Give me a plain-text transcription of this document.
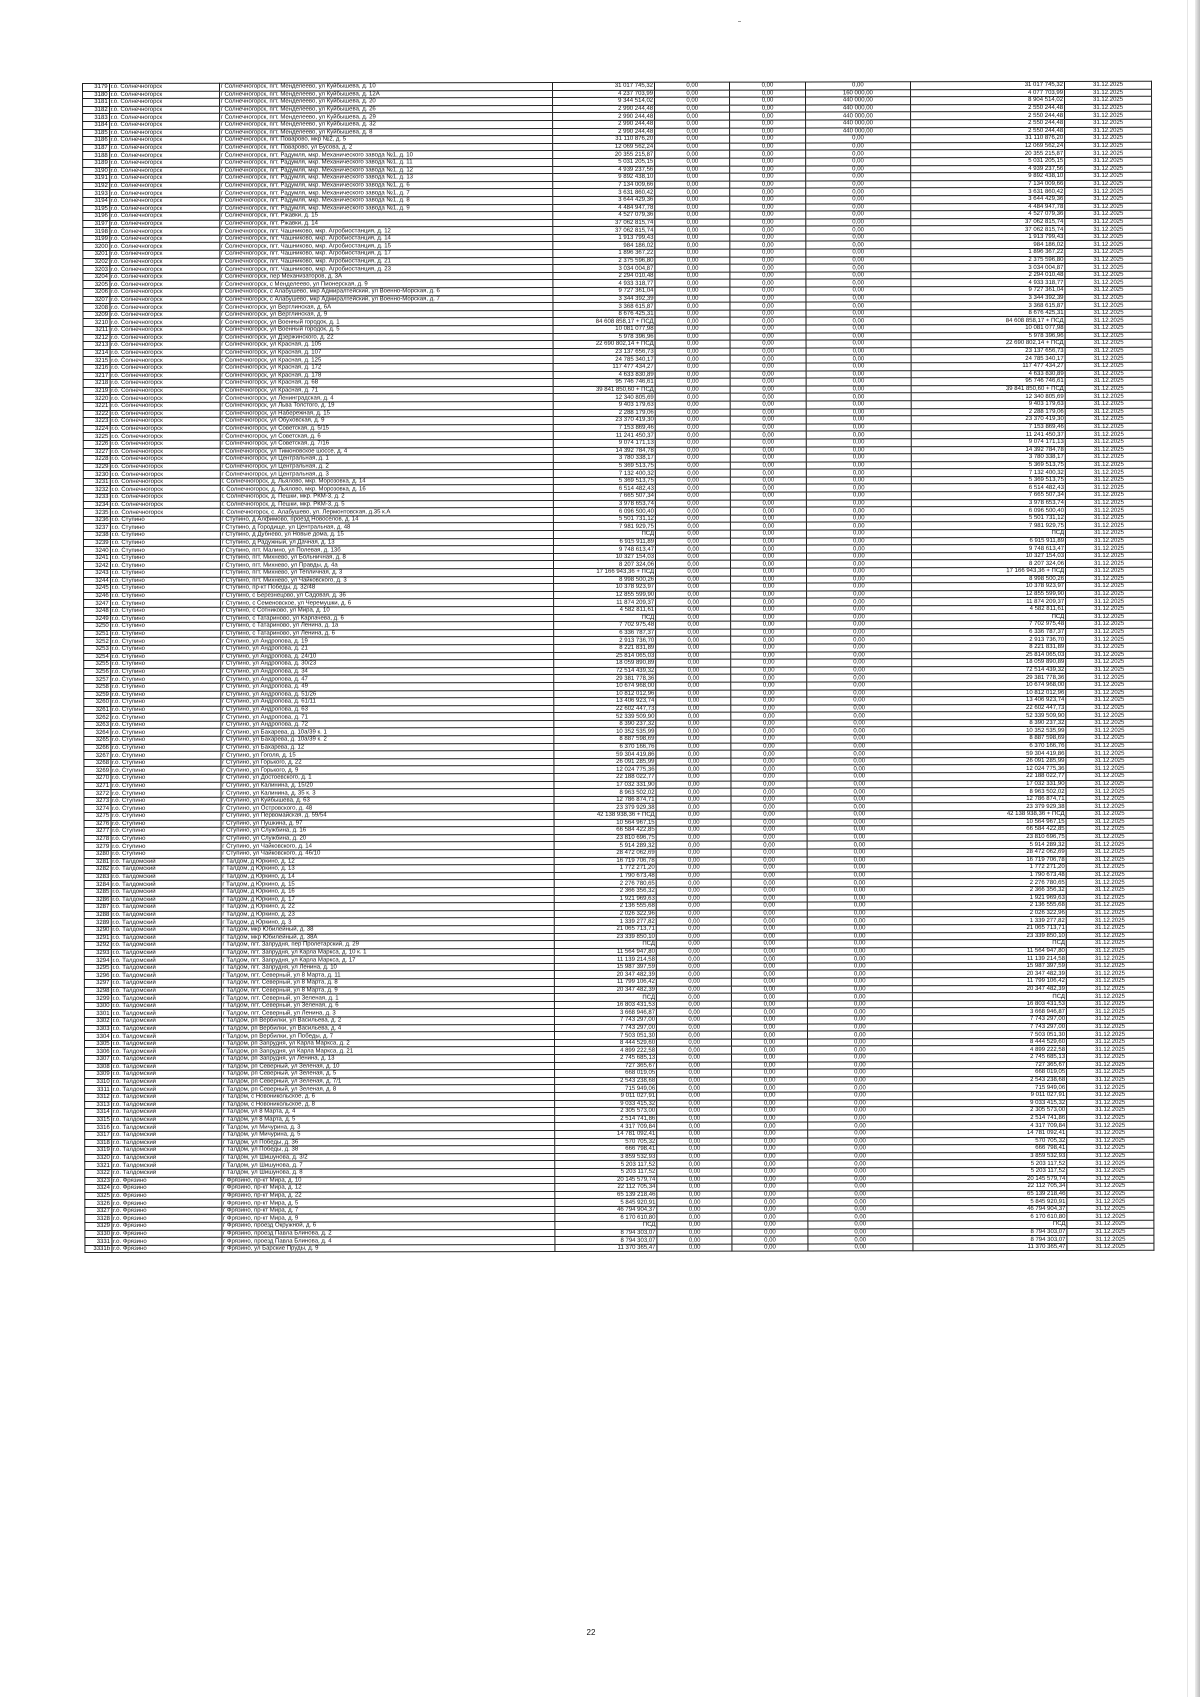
3179	г.о. Солнечногорск	г Солнечногорск, пгт. Менделеево, ул Куйбышева, д. 10	31 017 745,32	0,00	0,00	0,00	31 017 745,32	31.12.2025
3180	г.о. Солнечногорск	г Солнечногорск, пгт. Менделеево, ул Куйбышева, д. 12А	4 237 703,99	0,00	0,00	160 000,00	4 077 703,99	31.12.2025
3181	г.о. Солнечногорск	г Солнечногорск, пгт. Менделеево, ул Куйбышева, д. 20	9 344 514,02	0,00	0,00	440 000,00	8 904 514,02	31.12.2025
3182	г.о. Солнечногорск	г Солнечногорск, пгт. Менделеево, ул Куйбышева, д. 26	2 990 244,48	0,00	0,00	440 000,00	2 550 244,48	31.12.2025
3183	г.о. Солнечногорск	г Солнечногорск, пгт. Менделеево, ул Куйбышева, д. 29	2 990 244,48	0,00	0,00	440 000,00	2 550 244,48	31.12.2025
3184	г.о. Солнечногорск	г Солнечногорск, пгт. Менделеево, ул Куйбышева, д. 32	2 990 244,48	0,00	0,00	440 000,00	2 550 244,48	31.12.2025
3185	г.о. Солнечногорск	г Солнечногорск, пгт. Менделеево, ул Куйбышева, д. 8	2 990 244,48	0,00	0,00	440 000,00	2 550 244,48	31.12.2025
3186	г.о. Солнечногорск	г Солнечногорск, пгт. Поварово, мкр №2, д. 5	31 110 876,20	0,00	0,00	0,00	31 110 876,20	31.12.2025
3187	г.о. Солнечногорск	г Солнечногорск, пгт. Поварово, ул Бусова, д. 2	12 069 562,24	0,00	0,00	0,00	12 069 562,24	31.12.2025
3188	г.о. Солнечногорск	г Солнечногорск, пгт. Радумля, мкр. Механического завода №1, д. 10	20 355 215,87	0,00	0,00	0,00	20 355 215,87	31.12.2025
3189	г.о. Солнечногорск	г Солнечногорск, пгт. Радумля, мкр. Механического завода №1, д. 11	5 031 205,15	0,00	0,00	0,00	5 031 205,15	31.12.2025
3190	г.о. Солнечногорск	г Солнечногорск, пгт. Радумля, мкр. Механического завода №1, д. 12	4 939 237,56	0,00	0,00	0,00	4 939 237,56	31.12.2025
3191	г.о. Солнечногорск	г Солнечногорск, пгт. Радумля, мкр. Механического завода №1, д. 13	9 892 438,10	0,00	0,00	0,00	9 892 438,10	31.12.2025
3192	г.о. Солнечногорск	г Солнечногорск, пгт. Радумля, мкр. Механического завода №1, д. 6	7 134 009,66	0,00	0,00	0,00	7 134 009,66	31.12.2025
3193	г.о. Солнечногорск	г Солнечногорск, пгт. Радумля, мкр. Механического завода №1, д. 7	3 631 860,42	0,00	0,00	0,00	3 631 860,42	31.12.2025
3194	г.о. Солнечногорск	г Солнечногорск, пгт. Радумля, мкр. Механического завода №1, д. 8	3 644 429,36	0,00	0,00	0,00	3 644 429,36	31.12.2025
3195	г.о. Солнечногорск	г Солнечногорск, пгт. Радумля, мкр. Механического завода №1, д. 9	4 484 947,78	0,00	0,00	0,00	4 484 947,78	31.12.2025
3196	г.о. Солнечногорск	г Солнечногорск, пгт. Ржавки, д. 15	4 527 079,36	0,00	0,00	0,00	4 527 079,36	31.12.2025
3197	г.о. Солнечногорск	г Солнечногорск, пгт. Ржавки, д. 14	37 062 815,74	0,00	0,00	0,00	37 062 815,74	31.12.2025
3198	г.о. Солнечногорск	г Солнечногорск, пгт. Чашниково, мкр. Агробиостанция, д. 12	37 062 815,74	0,00	0,00	0,00	37 062 815,74	31.12.2025
3199	г.о. Солнечногорск	г Солнечногорск, пгт. Чашниково, мкр. Агробиостанция, д. 14	1 913 799,43	0,00	0,00	0,00	1 913 799,43	31.12.2025
3200	г.о. Солнечногорск	г Солнечногорск, пгт. Чашниково, мкр. Агробиостанция, д. 15	984 186,02	0,00	0,00	0,00	984 186,02	31.12.2025
3201	г.о. Солнечногорск	г Солнечногорск, пгт. Чашниково, мкр. Агробиостанция, д. 17	1 896 367,22	0,00	0,00	0,00	1 896 367,22	31.12.2025
3202	г.о. Солнечногорск	г Солнечногорск, пгт. Чашниково, мкр. Агробиостанция, д. 21	2 375 596,80	0,00	0,00	0,00	2 375 596,80	31.12.2025
3203	г.о. Солнечногорск	г Солнечногорск, пгт. Чашниково, мкр. Агробиостанция, д. 23	3 034 004,87	0,00	0,00	0,00	3 034 004,87	31.12.2025
3204	г.о. Солнечногорск	г Солнечногорск, пер Механизаторов, д. 3А	2 294 010,48	0,00	0,00	0,00	2 294 010,48	31.12.2025
3205	г.о. Солнечногорск	г Солнечногорск, с Менделеево, ул Пионерская, д. 9	4 933 318,77	0,00	0,00	0,00	4 933 318,77	31.12.2025
3206	г.о. Солнечногорск	г Солнечногорск, с Алабушево, мкр Адмиралтейский, ул Военно-Морская, д. 6	9 727 361,04	0,00	0,00	0,00	9 727 361,04	31.12.2025
3207	г.о. Солнечногорск	г Солнечногорск, с Алабушево, мкр Адмиралтейский, ул Военно-Морская, д. 7	3 344 392,39	0,00	0,00	0,00	3 344 392,39	31.12.2025
3208	г.о. Солнечногорск	г Солнечногорск, ул Вертлинская, д. 6А	3 368 615,87	0,00	0,00	0,00	3 368 615,87	31.12.2025
3209	г.о. Солнечногорск	г Солнечногорск, ул Вертлинская, д. 9	8 676 425,31	0,00	0,00	0,00	8 676 425,31	31.12.2025
3210	г.о. Солнечногорск	г Солнечногорск, ул Военный городок, д. 1	84 608 858,17 + ПСД	0,00	0,00	0,00	84 608 858,17 + ПСД	31.12.2025
3211	г.о. Солнечногорск	г Солнечногорск, ул Военный городок, д. 5	10 081 077,98	0,00	0,00	0,00	10 081 077,98	31.12.2025
3212	г.о. Солнечногорск	г Солнечногорск, ул Дзержинского, д. 22	5 978 396,96	0,00	0,00	0,00	5 978 396,96	31.12.2025
3213	г.о. Солнечногорск	г Солнечногорск, ул Красная, д. 105	22 690 802,14 + ПСД	0,00	0,00	0,00	22 690 802,14 + ПСД	31.12.2025
3214	г.о. Солнечногорск	г Солнечногорск, ул Красная, д. 107	23 137 656,73	0,00	0,00	0,00	23 137 656,73	31.12.2025
3215	г.о. Солнечногорск	г Солнечногорск, ул Красная, д. 125	24 785 340,17	0,00	0,00	0,00	24 785 340,17	31.12.2025
3216	г.о. Солнечногорск	г Солнечногорск, ул Красная, д. 172	117 477 434,27	0,00	0,00	0,00	117 477 434,27	31.12.2025
3217	г.о. Солнечногорск	г Солнечногорск, ул Красная, д. 178	4 633 830,89	0,00	0,00	0,00	4 633 830,89	31.12.2025
3218	г.о. Солнечногорск	г Солнечногорск, ул Красная, д. 68	95 746 746,61	0,00	0,00	0,00	95 746 746,61	31.12.2025
3219	г.о. Солнечногорск	г Солнечногорск, ул Красная, д. 71	39 841 850,60 + ПСД	0,00	0,00	0,00	39 841 850,60 + ПСД	31.12.2025
3220	г.о. Солнечногорск	г Солнечногорск, ул Ленинградская, д. 4	12 340 805,69	0,00	0,00	0,00	12 340 805,69	31.12.2025
3221	г.о. Солнечногорск	г Солнечногорск, ул Льва Толстого, д. 19	9 403 179,63	0,00	0,00	0,00	9 403 179,63	31.12.2025
3222	г.о. Солнечногорск	г Солнечногорск, ул Набережная, д. 15	2 288 179,06	0,00	0,00	0,00	2 288 179,06	31.12.2025
3223	г.о. Солнечногорск	г Солнечногорск, ул Обуховская, д. 9	23 370 419,30	0,00	0,00	0,00	23 370 419,30	31.12.2025
3224	г.о. Солнечногорск	г Солнечногорск, ул Советская, д. 5/15	7 153 869,46	0,00	0,00	0,00	7 153 869,46	31.12.2025
3225	г.о. Солнечногорск	г Солнечногорск, ул Советская, д. 6	11 241 450,37	0,00	0,00	0,00	11 241 450,37	31.12.2025
3226	г.о. Солнечногорск	г Солнечногорск, ул Советская, д. 7/16	9 074 171,13	0,00	0,00	0,00	9 074 171,13	31.12.2025
3227	г.о. Солнечногорск	г Солнечногорск, ул Тимоновское шоссе, д. 4	14 392 784,78	0,00	0,00	0,00	14 392 784,78	31.12.2025
3228	г.о. Солнечногорск	г Солнечногорск, ул Центральная, д. 1	3 780 338,17	0,00	0,00	0,00	3 780 338,17	31.12.2025
3229	г.о. Солнечногорск	г Солнечногорск, ул Центральная, д. 2	5 369 513,75	0,00	0,00	0,00	5 369 513,75	31.12.2025
3230	г.о. Солнечногорск	г Солнечногорск, ул Центральная, д. 3	7 132 400,32	0,00	0,00	0,00	7 132 400,32	31.12.2025
3231	г.о. Солнечногорск	г. Солнечногорск, д. Льялово, мкр. Морозовка, д. 14	5 369 513,75	0,00	0,00	0,00	5 369 513,75	31.12.2025
3232	г.о. Солнечногорск	г. Солнечногорск, д. Льялово, мкр. Морозовка, д. 16	6 514 482,43	0,00	0,00	0,00	6 514 482,43	31.12.2025
3233	г.о. Солнечногорск	г. Солнечногорск, д. Пешки, мкр. РКМ-3, д. 2	7 665 507,34	0,00	0,00	0,00	7 665 507,34	31.12.2025
3234	г.о. Солнечногорск	г. Солнечногорск, д. Пешки, мкр. РКМ-3, д. 5	3 978 653,74	0,00	0,00	0,00	3 978 653,74	31.12.2025
3235	г.о. Солнечногорск	г. Солнечногорск, с. Алабушево, ул. Лермонтовская, д.35 к.А	6 096 500,40	0,00	0,00	0,00	6 096 500,40	31.12.2025
3236	г.о. Ступино	г Ступино, д Алфимово, проезд Новоселов, д. 14	5 501 731,12	0,00	0,00	0,00	5 501 731,12	31.12.2025
3237	г.о. Ступино	г Ступино, д Городище, ул Центральная, д. 48	7 981 929,75	0,00	0,00	0,00	7 981 929,75	31.12.2025
3238	г.о. Ступино	г Ступино, д Дубнево, ул Новые дома, д. 15	ПСД	0,00	0,00	0,00	ПСД	31.12.2025
3239	г.о. Ступино	г Ступино, д Радужный, ул Дачная, д. 13	6 915 911,89	0,00	0,00	0,00	6 915 911,89	31.12.2025
3240	г.о. Ступино	г Ступино, пгт. Малино, ул Полевая, д. 13б	9 748 613,47	0,00	0,00	0,00	9 748 613,47	31.12.2025
3241	г.о. Ступино	г Ступино, пгт. Михнево, ул Больничная, д. 8	10 327 154,03	0,00	0,00	0,00	10 327 154,03	31.12.2025
3242	г.о. Ступино	г Ступино, пгт. Михнево, ул Правды, д. 4а	8 207 324,06	0,00	0,00	0,00	8 207 324,06	31.12.2025
3243	г.о. Ступино	г Ступино, пгт. Михнево, ул Тепличная, д. 3	17 166 943,36 + ПСД	0,00	0,00	0,00	17 166 943,36 + ПСД	31.12.2025
3244	г.о. Ступино	г Ступино, пгт. Михнево, ул Чайковского, д. 3	8 998 500,26	0,00	0,00	0,00	8 998 500,26	31.12.2025
3245	г.о. Ступино	г Ступино, пр-кт Победы, д. 32/48	10 378 923,97	0,00	0,00	0,00	10 378 923,97	31.12.2025
3246	г.о. Ступино	г Ступино, с Березнецово, ул Садовая, д. 36	12 855 599,90	0,00	0,00	0,00	12 855 599,90	31.12.2025
3247	г.о. Ступино	г Ступино, с Семеновское, ул Черемушки, д. 6	11 874 209,37	0,00	0,00	0,00	11 874 209,37	31.12.2025
3248	г.о. Ступино	г Ступино, с Сотниково, ул Мира, д. 10	4 582 811,61	0,00	0,00	0,00	4 582 811,61	31.12.2025
3249	г.о. Ступино	г Ступино, с Татариново, ул Карпачева, д. 6	ПСД	0,00	0,00	0,00	ПСД	31.12.2025
3250	г.о. Ступино	г Ступино, с Татариново, ул Ленина, д. 1а	7 702 975,48	0,00	0,00	0,00	7 702 975,48	31.12.2025
3251	г.о. Ступино	г Ступино, с Татариново, ул Ленина, д. 6	6 336 787,37	0,00	0,00	0,00	6 336 787,37	31.12.2025
3252	г.о. Ступино	г Ступино, ул Андропова, д. 19	2 913 736,70	0,00	0,00	0,00	2 913 736,70	31.12.2025
3253	г.о. Ступино	г Ступино, ул Андропова, д. 21	8 221 831,89	0,00	0,00	0,00	8 221 831,89	31.12.2025
3254	г.о. Ступино	г Ступино, ул Андропова, д. 24/10	25 814 065,03	0,00	0,00	0,00	25 814 065,03	31.12.2025
3255	г.о. Ступино	г Ступино, ул Андропова, д. 30/23	18 059 890,89	0,00	0,00	0,00	18 059 890,89	31.12.2025
3256	г.о. Ступино	г Ступино, ул Андропова, д. 34	72 514 439,32	0,00	0,00	0,00	72 514 439,32	31.12.2025
3257	г.о. Ступино	г Ступино, ул Андропова, д. 47	29 381 778,36	0,00	0,00	0,00	29 381 778,36	31.12.2025
3258	г.о. Ступино	г Ступино, ул Андропова, д. 49	10 674 968,00	0,00	0,00	0,00	10 674 968,00	31.12.2025
3259	г.о. Ступино	г Ступино, ул Андропова, д. 51/26	10 812 012,96	0,00	0,00	0,00	10 812 012,96	31.12.2025
3260	г.о. Ступино	г Ступино, ул Андропова, д. 61/11	13 406 923,74	0,00	0,00	0,00	13 406 923,74	31.12.2025
3261	г.о. Ступино	г Ступино, ул Андропова, д. 63	22 602 447,73	0,00	0,00	0,00	22 602 447,73	31.12.2025
3262	г.о. Ступино	г Ступино, ул Андропова, д. 71	52 339 509,90	0,00	0,00	0,00	52 339 509,90	31.12.2025
3263	г.о. Ступино	г Ступино, ул Андропова, д. 72	8 390 237,32	0,00	0,00	0,00	8 390 237,32	31.12.2025
3264	г.о. Ступино	г Ступино, ул Бахарева, д. 10а/39 к. 1	10 352 535,99	0,00	0,00	0,00	10 352 535,99	31.12.2025
3265	г.о. Ступино	г Ступино, ул Бахарева, д. 10а/39 к. 2	8 887 598,69	0,00	0,00	0,00	8 887 598,69	31.12.2025
3266	г.о. Ступино	г Ступино, ул Бахарева, д. 12	6 370 166,76	0,00	0,00	0,00	6 370 166,76	31.12.2025
3267	г.о. Ступино	г Ступино, ул Гоголя, д. 15	59 304 419,86	0,00	0,00	0,00	59 304 419,86	31.12.2025
3268	г.о. Ступино	г Ступино, ул Горького, д. 22	26 091 285,99	0,00	0,00	0,00	26 091 285,99	31.12.2025
3269	г.о. Ступино	г Ступино, ул Горького, д. 9	12 024 775,36	0,00	0,00	0,00	12 024 775,36	31.12.2025
3270	г.о. Ступино	г Ступино, ул Достоевского, д. 1	22 188 022,77	0,00	0,00	0,00	22 188 022,77	31.12.2025
3271	г.о. Ступино	г Ступино, ул Калинина, д. 15/20	17 032 331,90	0,00	0,00	0,00	17 032 331,90	31.12.2025
3272	г.о. Ступино	г Ступино, ул Калинина, д. 35 к. 3	8 963 502,02	0,00	0,00	0,00	8 963 502,02	31.12.2025
3273	г.о. Ступино	г Ступино, ул Куйбышева, д. 63	12 786 874,71	0,00	0,00	0,00	12 786 874,71	31.12.2025
3274	г.о. Ступино	г Ступино, ул Островского, д. 48	23 379 929,38	0,00	0,00	0,00	23 379 929,38	31.12.2025
3275	г.о. Ступино	г Ступино, ул Первомайская, д. 59/54	42 138 938,36 + ПСД	0,00	0,00	0,00	42 138 938,36 + ПСД	31.12.2025
3276	г.о. Ступино	г Ступино, ул Пушкина, д. 97	10 564 967,15	0,00	0,00	0,00	10 564 967,15	31.12.2025
3277	г.о. Ступино	г Ступино, ул Службина, д. 16	66 584 422,85	0,00	0,00	0,00	66 584 422,85	31.12.2025
3278	г.о. Ступино	г Ступино, ул Службина, д. 20	23 810 696,75	0,00	0,00	0,00	23 810 696,75	31.12.2025
3279	г.о. Ступино	г Ступино, ул Чайковского, д. 14	5 914 289,32	0,00	0,00	0,00	5 914 289,32	31.12.2025
3280	г.о. Ступино	г Ступино, ул Чайковского, д. 46/10	28 472 062,69	0,00	0,00	0,00	28 472 062,69	31.12.2025
3281	г.о. Талдомский	г Талдом, д Юркино, д. 12	16 719 706,78	0,00	0,00	0,00	16 719 706,78	31.12.2025
3282	г.о. Талдомский	г Талдом, д Юркино, д. 13	1 772 271,20	0,00	0,00	0,00	1 772 271,20	31.12.2025
3283	г.о. Талдомский	г Талдом, д Юркино, д. 14	1 790 673,48	0,00	0,00	0,00	1 790 673,48	31.12.2025
3284	г.о. Талдомский	г Талдом, д Юркино, д. 15	2 276 780,65	0,00	0,00	0,00	2 276 780,65	31.12.2025
3285	г.о. Талдомский	г Талдом, д Юркино, д. 16	2 366 356,32	0,00	0,00	0,00	2 366 356,32	31.12.2025
3286	г.о. Талдомский	г Талдом, д Юркино, д. 17	1 921 969,63	0,00	0,00	0,00	1 921 969,63	31.12.2025
3287	г.о. Талдомский	г Талдом, д Юркино, д. 22	2 136 555,68	0,00	0,00	0,00	2 136 555,68	31.12.2025
3288	г.о. Талдомский	г Талдом, д Юркино, д. 23	2 026 322,96	0,00	0,00	0,00	2 026 322,96	31.12.2025
3289	г.о. Талдомский	г Талдом, д Юркино, д. 3	1 339 277,82	0,00	0,00	0,00	1 339 277,82	31.12.2025
3290	г.о. Талдомский	г Талдом, мкр Юбилейный, д. 38	21 065 713,71	0,00	0,00	0,00	21 065 713,71	31.12.2025
3291	г.о. Талдомский	г Талдом, мкр Юбилейный, д. 38А	23 339 850,10	0,00	0,00	0,00	23 339 850,10	31.12.2025
3292	г.о. Талдомский	г Талдом, пгт. Запрудня, пер Пролетарский, д. 29	ПСД	0,00	0,00	0,00	ПСД	31.12.2025
3293	г.о. Талдомский	г Талдом, пгт. Запрудня, ул Карла Маркса, д. 10 к. 1	11 564 947,80	0,00	0,00	0,00	11 564 947,80	31.12.2025
3294	г.о. Талдомский	г Талдом, пгт. Запрудня, ул Карла Маркса, д. 17	11 139 214,58	0,00	0,00	0,00	11 139 214,58	31.12.2025
3295	г.о. Талдомский	г Талдом, пгт. Запрудня, ул Ленина, д. 10	15 987 397,59	0,00	0,00	0,00	15 987 397,59	31.12.2025
3296	г.о. Талдомский	г Талдом, пгт. Северный, ул 8 Марта, д. 11	20 347 482,39	0,00	0,00	0,00	20 347 482,39	31.12.2025
3297	г.о. Талдомский	г Талдом, пгт. Северный, ул 8 Марта, д. 8	11 799 106,42	0,00	0,00	0,00	11 799 106,42	31.12.2025
3298	г.о. Талдомский	г Талдом, пгт. Северный, ул 8 Марта, д. 9	20 347 482,39	0,00	0,00	0,00	20 347 482,39	31.12.2025
3299	г.о. Талдомский	г Талдом, пгт. Северный, ул Зеленая, д. 1	ПСД	0,00	0,00	0,00	ПСД	31.12.2025
3300	г.о. Талдомский	г Талдом, пгт. Северный, ул Зеленая, д. 6	16 803 431,53	0,00	0,00	0,00	16 803 431,53	31.12.2025
3301	г.о. Талдомский	г Талдом, пгт. Северный, ул Ленина, д. 3	3 668 946,87	0,00	0,00	0,00	3 668 946,87	31.12.2025
3302	г.о. Талдомский	г Талдом, рп Вербилки, ул Васильева, д. 2	7 743 297,00	0,00	0,00	0,00	7 743 297,00	31.12.2025
3303	г.о. Талдомский	г Талдом, рп Вербилки, ул Васильева, д. 4	7 743 297,00	0,00	0,00	0,00	7 743 297,00	31.12.2025
3304	г.о. Талдомский	г Талдом, рп Вербилки, ул Победы, д. 7	7 503 051,30	0,00	0,00	0,00	7 503 051,30	31.12.2025
3305	г.о. Талдомский	г Талдом, рп Запрудня, ул Карла Маркса, д. 2	8 444 529,60	0,00	0,00	0,00	8 444 529,60	31.12.2025
3306	г.о. Талдомский	г Талдом, рп Запрудня, ул Карла Маркса, д. 21	4 899 222,58	0,00	0,00	0,00	4 899 222,58	31.12.2025
3307	г.о. Талдомский	г Талдом, рп Запрудня, ул Ленина, д. 13	2 745 685,13	0,00	0,00	0,00	2 745 685,13	31.12.2025
3308	г.о. Талдомский	г Талдом, рп Северный, ул Зеленая, д. 10	727 365,67	0,00	0,00	0,00	727 365,67	31.12.2025
3309	г.о. Талдомский	г Талдом, рп Северный, ул Зеленая, д. 5	668 019,05	0,00	0,00	0,00	668 019,05	31.12.2025
3310	г.о. Талдомский	г Талдом, рп Северный, ул Зеленая, д. 7/1	2 543 238,68	0,00	0,00	0,00	2 543 238,68	31.12.2025
3311	г.о. Талдомский	г Талдом, рп Северный, ул Зеленая, д. 8	715 949,06	0,00	0,00	0,00	715 949,06	31.12.2025
3312	г.о. Талдомский	г Талдом, с Новоникольское, д. 6	9 011 027,91	0,00	0,00	0,00	9 011 027,91	31.12.2025
3313	г.о. Талдомский	г Талдом, с Новоникольское, д. 8	9 033 415,32	0,00	0,00	0,00	9 033 415,32	31.12.2025
3314	г.о. Талдомский	г Талдом, ул 8 Марта, д. 4	2 305 573,00	0,00	0,00	0,00	2 305 573,00	31.12.2025
3315	г.о. Талдомский	г Талдом, ул 8 Марта, д. 5	2 514 741,86	0,00	0,00	0,00	2 514 741,86	31.12.2025
3316	г.о. Талдомский	г Талдом, ул Мичурина, д. 3	4 317 709,84	0,00	0,00	0,00	4 317 709,84	31.12.2025
3317	г.о. Талдомский	г Талдом, ул Мичурина, д. 5	14 781 092,41	0,00	0,00	0,00	14 781 092,41	31.12.2025
3318	г.о. Талдомский	г Талдом, ул Победы, д. 36	570 705,32	0,00	0,00	0,00	570 705,32	31.12.2025
3319	г.о. Талдомский	г Талдом, ул Победы, д. 38	666 798,41	0,00	0,00	0,00	666 798,41	31.12.2025
3320	г.о. Талдомский	г Талдом, ул Шишунова, д. 3/2	3 859 532,93	0,00	0,00	0,00	3 859 532,93	31.12.2025
3321	г.о. Талдомский	г Талдом, ул Шишунова, д. 7	5 203 117,52	0,00	0,00	0,00	5 203 117,52	31.12.2025
3322	г.о. Талдомский	г Талдом, ул Шишунова, д. 8	5 203 117,52	0,00	0,00	0,00	5 203 117,52	31.12.2025
3323	г.о. Фрязино	г Фрязино, пр-кт Мира, д. 10	20 145 579,74	0,00	0,00	0,00	20 145 579,74	31.12.2025
3324	г.о. Фрязино	г Фрязино, пр-кт Мира, д. 12	22 112 705,34	0,00	0,00	0,00	22 112 705,34	31.12.2025
3325	г.о. Фрязино	г Фрязино, пр-кт Мира, д. 22	65 139 218,46	0,00	0,00	0,00	65 139 218,46	31.12.2025
3326	г.о. Фрязино	г Фрязино, пр-кт Мира, д. 5	5 845 920,91	0,00	0,00	0,00	5 845 920,91	31.12.2025
3327	г.о. Фрязино	г Фрязино, пр-кт Мира, д. 7	46 794 904,37	0,00	0,00	0,00	46 794 904,37	31.12.2025
3328	г.о. Фрязино	г Фрязино, пр-кт Мира, д. 9	6 170 610,80	0,00	0,00	0,00	6 170 610,80	31.12.2025
3329	г.о. Фрязино	г Фрязино, проезд Окружной, д. 6	ПСД	0,00	0,00	0,00	ПСД	31.12.2025
3330	г.о. Фрязино	г Фрязино, проезд Павла Блинова, д. 2	8 794 303,07	0,00	0,00	0,00	8 794 303,07	31.12.2025
3331	г.о. Фрязино	г Фрязино, проезд Павла Блинова, д. 4	8 794 303,07	0,00	0,00	0,00	8 794 303,07	31.12.2025
3331b	г.о. Фрязино	г Фрязино, ул Барские Пруды, д. 9	11 370 365,47	0,00	0,00	0,00	11 370 365,47	31.12.2025
22
